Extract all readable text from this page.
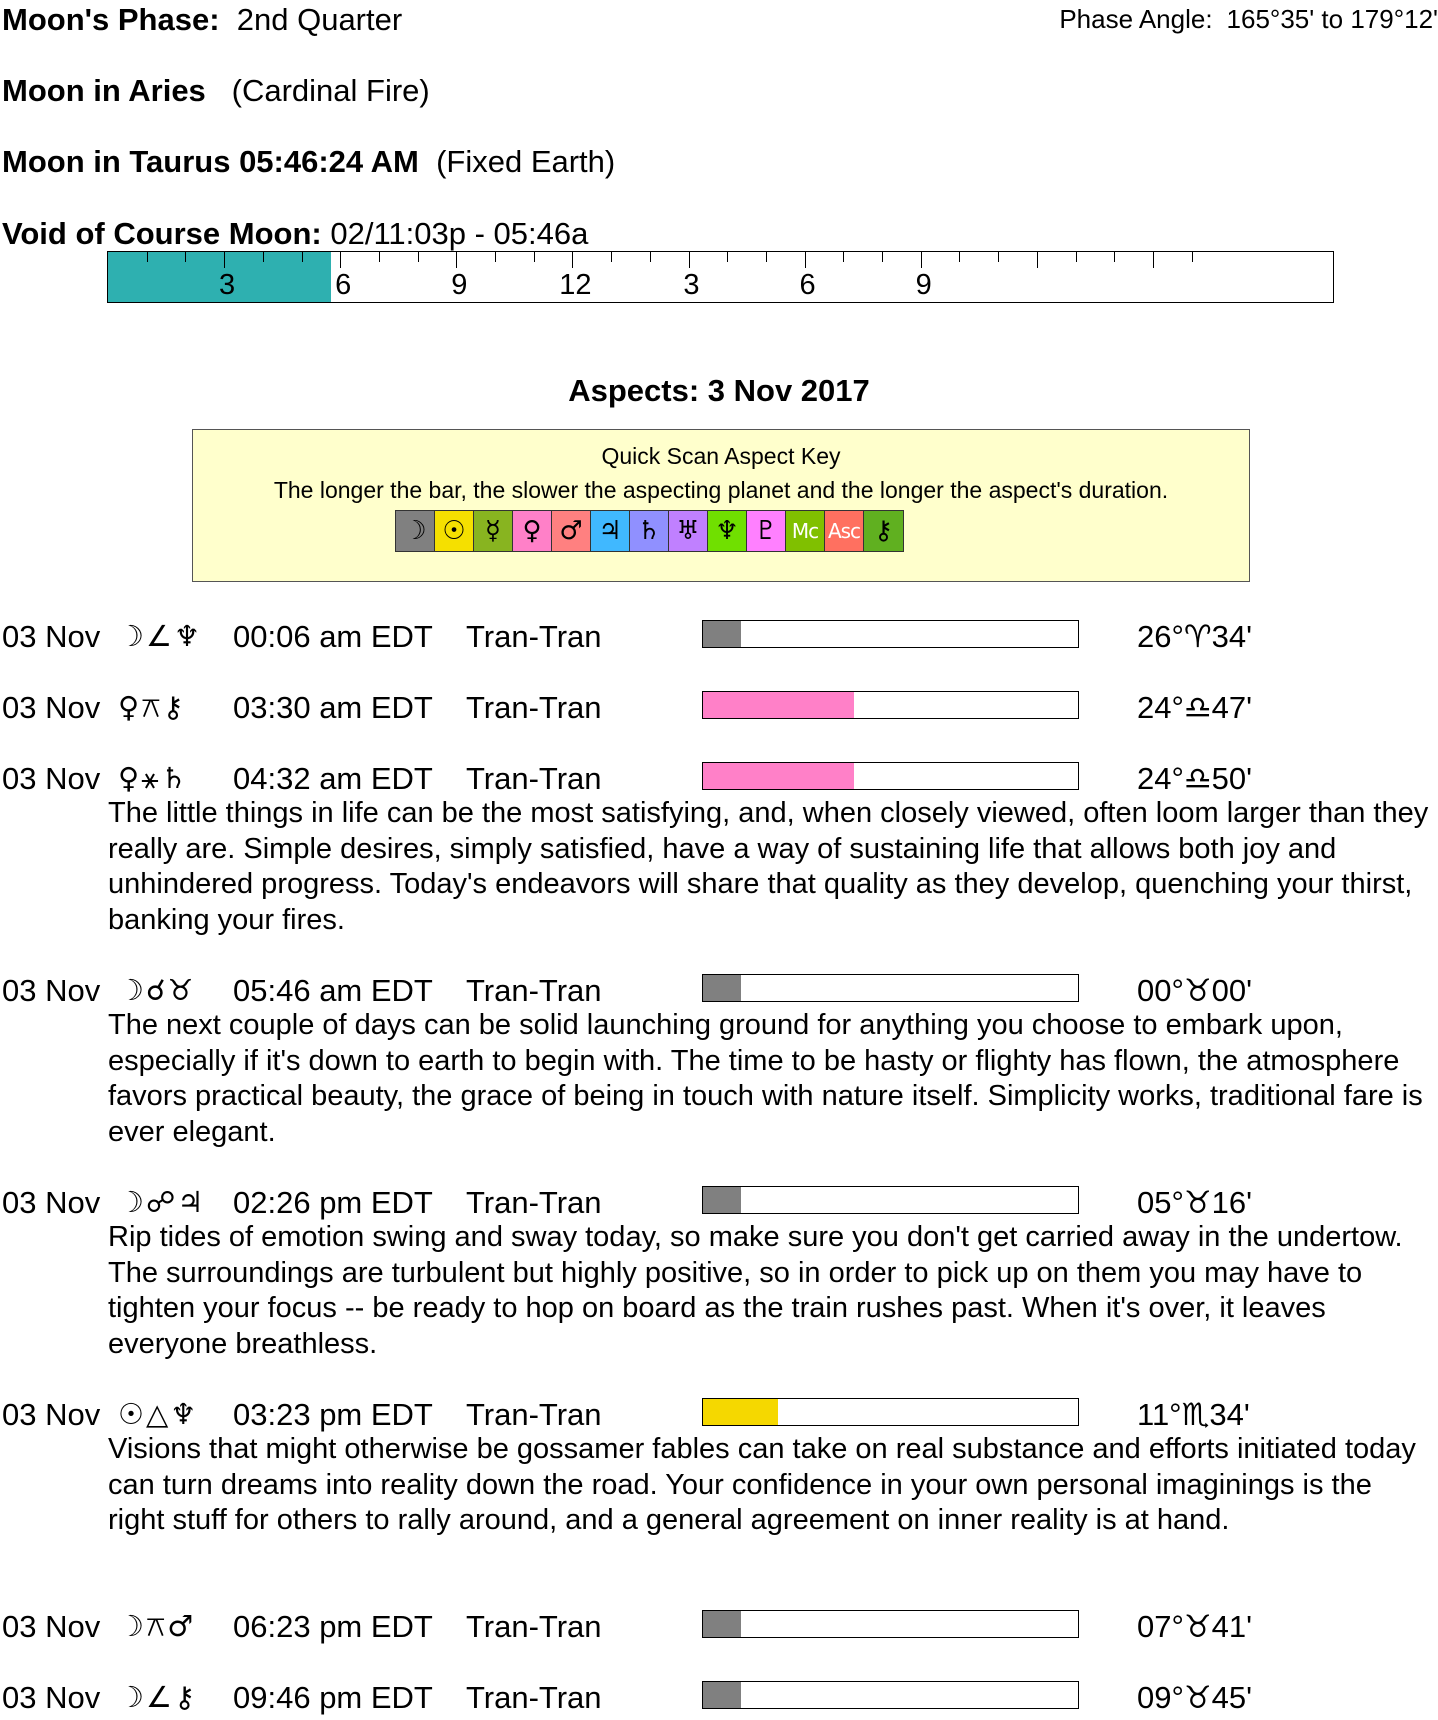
Moon's Phase: 2nd Quarter	Phase Angle: 165°35' to 179°12'
Moon in Aries (Cardinal Fire)
Moon in Taurus 05:46:24 AM (Fixed Earth)
Void of Course Moon: 02/11:03p - 05:46a
3	6	9	12	3	6	9
Aspects: 3 Nov 2017
Quick Scan Aspect Key
The longer the bar, the slower the aspecting planet and the longer the aspect's duration.
☽ ☉ ☿ ♀ ♂ ♃ ♄ ♅ ♆ ♇ Mc Asc ⚷
03 Nov ☽∠♆ 00:06 am EDT Tran-Tran	26°♈34'
03 Nov ♀⚻⚷ 03:30 am EDT Tran-Tran	24°♎47'
03 Nov ♀⚹♄ 04:32 am EDT Tran-Tran	24°♎50'
The little things in life can be the most satisfying, and, when closely viewed, often loom larger than they really are. Simple desires, simply satisfied, have a way of sustaining life that allows both joy and unhindered progress. Today's endeavors will share that quality as they develop, quenching your thirst, banking your fires.
03 Nov ☽☌♉ 05:46 am EDT Tran-Tran	00°♉00'
The next couple of days can be solid launching ground for anything you choose to embark upon, especially if it's down to earth to begin with. The time to be hasty or flighty has flown, the atmosphere favors practical beauty, the grace of being in touch with nature itself. Simplicity works, traditional fare is ever elegant.
03 Nov ☽☍♃ 02:26 pm EDT Tran-Tran	05°♉16'
Rip tides of emotion swing and sway today, so make sure you don't get carried away in the undertow. The surroundings are turbulent but highly positive, so in order to pick up on them you may have to tighten your focus -- be ready to hop on board as the train rushes past. When it's over, it leaves everyone breathless.
03 Nov ☉△♆ 03:23 pm EDT Tran-Tran	11°♏34'
Visions that might otherwise be gossamer fables can take on real substance and efforts initiated today can turn dreams into reality down the road. Your confidence in your own personal imaginings is the right stuff for others to rally around, and a general agreement on inner reality is at hand.
03 Nov ☽⚻♂ 06:23 pm EDT Tran-Tran	07°♉41'
03 Nov ☽∠⚷ 09:46 pm EDT Tran-Tran	09°♉45'
